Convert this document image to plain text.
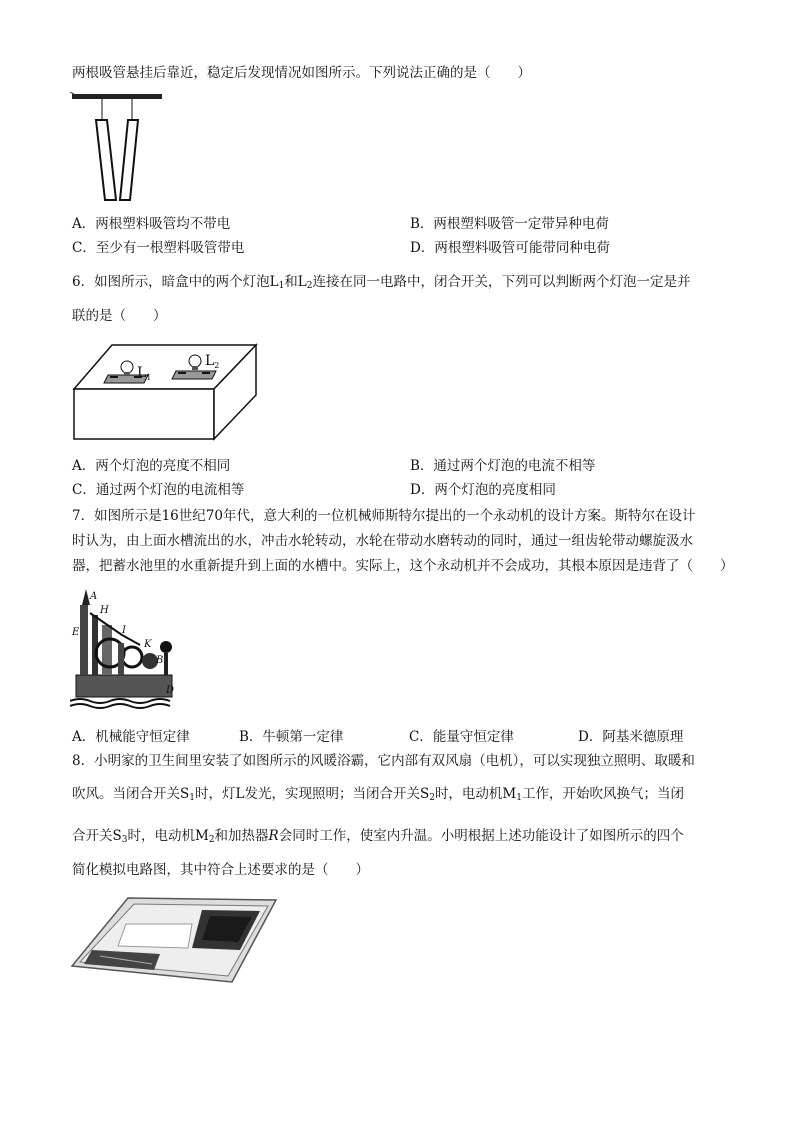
两根吸管悬挂后靠近，稳定后发现情况如图所示。下列说法正确的是（　　）
A．两根塑料吸管均不带电	B．两根塑料吸管一定带异种电荷
C．至少有一根塑料吸管带电	D．两根塑料吸管可能带同种电荷
6．如图所示，暗盒中的两个灯泡$L_1$和$L_2$连接在同一电路中，闭合开关，下列可以判断两个灯泡一定是并
联的是（　　）
$L_1$
$L_2$
A．两个灯泡的亮度不相同	B．通过两个灯泡的电流不相等
C．通过两个灯泡的电流相等	D．两个灯泡的亮度相同
7．如图所示是16世纪70年代，意大利的一位机械师斯特尔提出的一个永动机的设计方案。斯特尔在设计
时认为，由上面水槽流出的水，冲击水轮转动，水轮在带动水磨转动的同时，通过一组齿轮带动螺旋汲水
器，把蓄水池里的水重新提升到上面的水槽中。实际上，这个永动机并不会成功，其根本原因是违背了（　　）
A
H
E	I
K
B
D
A．机械能守恒定律	B．牛顿第一定律	C．能量守恒定律	D．阿基米德原理
8．小明家的卫生间里安装了如图所示的风暖浴霸，它内部有双风扇（电机），可以实现独立照明、取暖和
吹风。当闭合开关$S_1$时，灯L发光，实现照明；当闭合开关$S_2$时，电动机$M_1$工作，开始吹风换气；当闭
合开关$S_3$时，电动机$M_2$和加热器R会同时工作，使室内升温。小明根据上述功能设计了如图所示的四个
简化模拟电路图，其中符合上述要求的是（　　）
